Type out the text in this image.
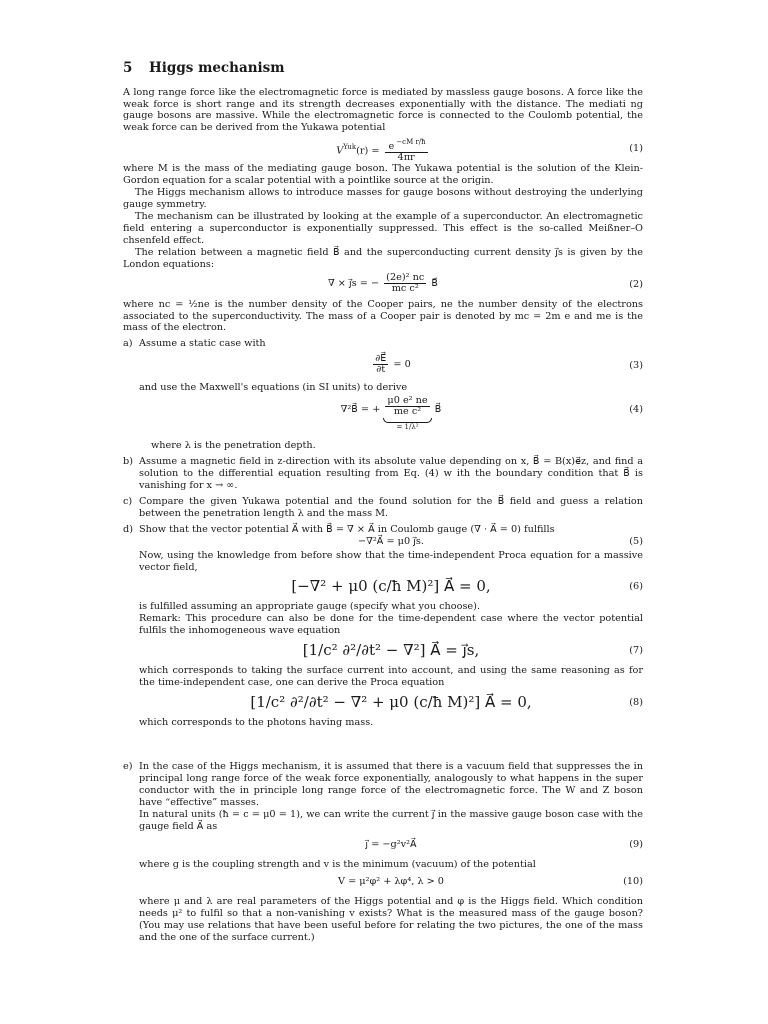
5 Higgs mechanism

A long range force like the electromagnetic force is mediated by massless gauge bosons. A force like the weak force is short range and its strength decreases exponentially with the distance. The mediati ng gauge bosons are massive. While the electromagnetic force is connected to the Coulomb potential, the weak force can be derived from the Yukawa potential

$V^{Yuk}(r) = \frac{e ^{-cM r/ħ}}{4\pi r}$	(1)

where M is the mass of the mediating gauge boson. The Yukawa potential is the solution of the Klein-Gordon equation for a scalar potential with a pointlike source at the origin.

The Higgs mechanism allows to introduce masses for gauge bosons without destroying the underlying gauge symmetry.

The mechanism can be illustrated by looking at the example of a superconductor. An electromagnetic field entering a superconductor is exponentially suppressed. This effect is the so-called Meißner–O chsenfeld effect.

The relation between a magnetic field B⃗ and the superconducting current density j⃗s is given by the London equations:

∇ × j⃗s = − $\frac{\text{(2e)² nc}}{\text{mc c²}}$ B⃗	(2)

where nc = ½ne is the number density of the Cooper pairs, ne the number density of the electrons associated to the superconductivity. The mass of a Cooper pair is denoted by mc = 2m e and me is the mass of the electron.

a) Assume a static case with

$\frac{\partial E⃗}{\partial t} = 0$	(3)

and use the Maxwell's equations (in SI units) to derive

∇²B⃗ = + $\frac{\text{μ0 e² ne}}{\text{me c²}}$
= 1/λ²
B⃗	(4)

where λ is the penetration depth.

b) Assume a magnetic field in z-direction with its absolute value depending on x, B⃗ = B(x)e⃗z, and find a solution to the differential equation resulting from Eq. (4) w ith the boundary condition that B⃗ is vanishing for x → ∞.

c) Compare the given Yukawa potential and the found solution for the B⃗ field and guess a relation between the penetration length λ and the mass M.

d) Show that the vector potential A⃗ with B⃗ = ∇ × A⃗ in Coulomb gauge (∇ · A⃗ = 0) fulfills

−∇²A⃗ = μ0 j⃗s.	(5)

Now, using the knowledge from before show that the time-independent Proca equation for a massive vector field,

[−∇² + μ0 (c/ħ M)²] A⃗ = 0,	(6)

is fulfilled assuming an appropriate gauge (specify what you choose).

Remark: This procedure can also be done for the time-dependent case where the vector potential fulfils the inhomogeneous wave equation

[1/c² ∂²/∂t² − ∇²] A⃗ = j⃗s,	(7)

which corresponds to taking the surface current into account, and using the same reasoning as for the time-independent case, one can derive the Proca equation

[1/c² ∂²/∂t² − ∇² + μ0 (c/ħ M)²] A⃗ = 0,	(8)

which corresponds to the photons having mass.

e) In the case of the Higgs mechanism, it is assumed that there is a vacuum field that suppresses the in principal long range force of the weak force exponentially, analogously to what happens in the super conductor with the in principle long range force of the electromagnetic force. The W and Z boson have “effective” masses.

In natural units (ħ = c = μ0 = 1), we can write the current j⃗ in the massive gauge boson case with the gauge field A⃗ as

j⃗ = −g²v²A⃗	(9)

where g is the coupling strength and v is the minimum (vacuum) of the potential

V = μ²φ² + λφ⁴, λ > 0	(10)

where μ and λ are real parameters of the Higgs potential and φ is the Higgs field. Which condition needs μ² to fulfil so that a non-vanishing v exists? What is the measured mass of the gauge boson? (You may use relations that have been useful before for relating the two pictures, the one of the mass and the one of the surface current.)
